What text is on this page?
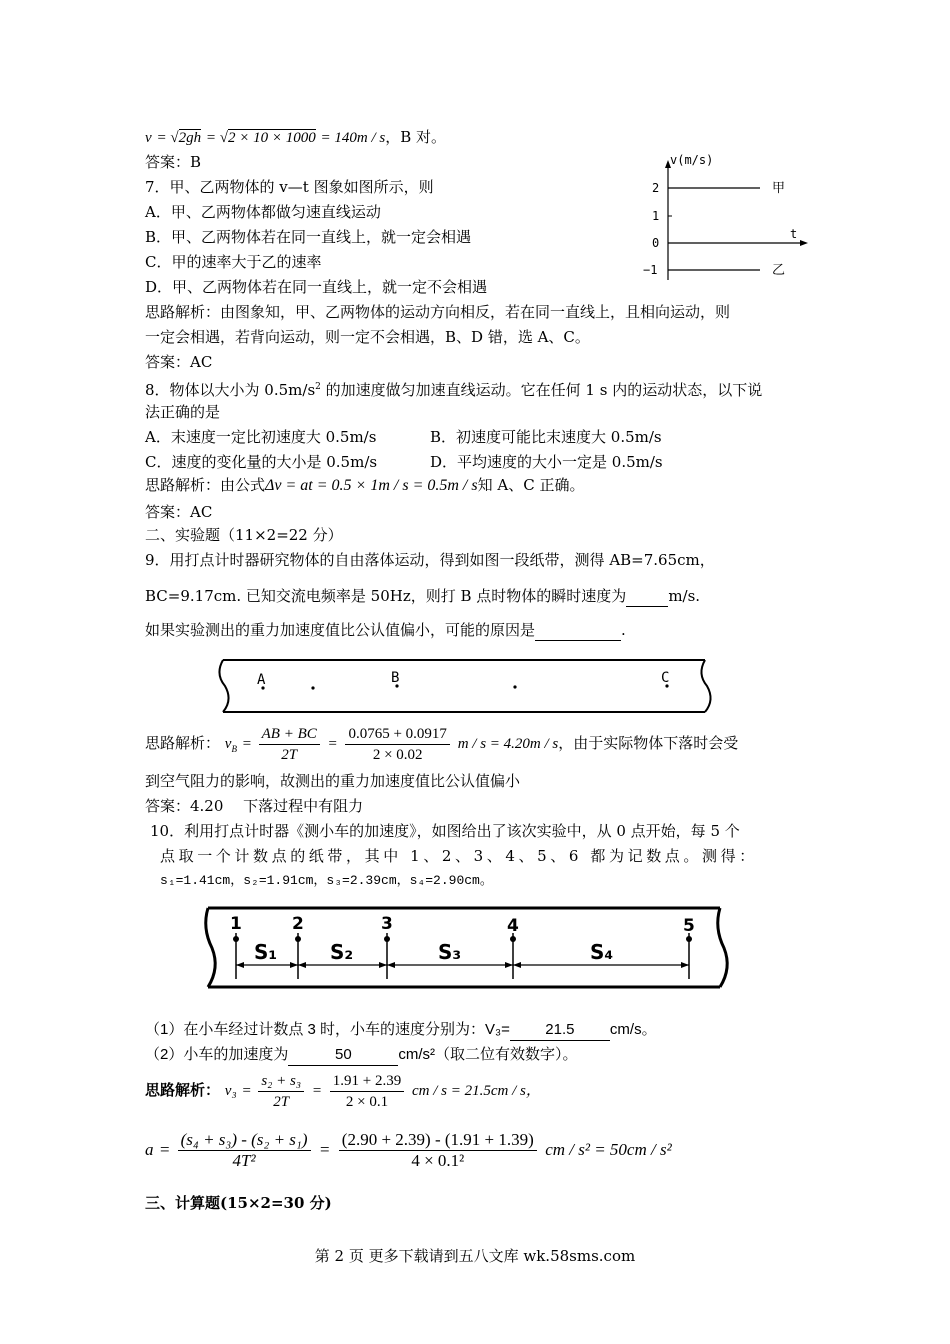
v = √2gh = √2 × 10 × 1000 = 140m / s，B 对。
答案：B
7．甲、乙两物体的 v—t 图象如图所示，则
A．甲、乙两物体都做匀速直线运动
B．甲、乙两物体若在同一直线上，就一定会相遇
C．甲的速率大于乙的速率
D．甲、乙两物体若在同一直线上，就一定不会相遇
v(m/s)
t
2
1
0
−1
甲
乙
思路解析：由图象知，甲、乙两物体的运动方向相反，若在同一直线上，且相向运动，则
一定会相遇，若背向运动，则一定不会相遇，B、D 错，选 A、C。
答案：AC
8．物体以大小为 $0.5m/s^2$ 的加速度做匀加速直线运动。它在任何 1 s 内的运动状态，以下说
法正确的是
A．末速度一定比初速度大 0.5m/s	B．初速度可能比末速度大 0.5m/s
C．速度的变化量的大小是 0.5m/s	D．平均速度的大小一定是 0.5m/s
思路解析：由公式Δv = at = 0.5 × 1m / s = 0.5m / s知 A、C 正确。
答案：AC
二、实验题（11×2=22 分）
9．用打点计时器研究物体的自由落体运动，得到如图一段纸带，测得 AB=7.65cm，
BC=9.17cm. 已知交流电频率是 50Hz，则打 B 点时物体的瞬时速度为	m/s.
如果实验测出的重力加速度值比公认值偏小，可能的原因是	.
A	B	C
思路解析： $v_B = \frac{AB + BC}{2T} = \frac{0.0765 + 0.0917}{2 \times 0.02}$ m / s = 4.20m / s，由于实际物体下落时会受
到空气阻力的影响，故测出的重力加速度值比公认值偏小
答案：4.20　 下落过程中有阻力
10．利用打点计时器《测小车的加速度》，如图给出了该次实验中，从 0 点开始，每 5 个
点取一个计数点的纸带，其中 1、2、3、4、5、6 都为记数点。测得：
s₁=1.41cm，s₂=1.91cm，s₃=2.39cm，s₄=2.90cm。
1	2	3	4	5
S₁	S₂	S₃	S₄
（1）在小车经过计数点 3 时，小车的速度分别为：V₃= 21.5 cm/s。
（2）小车的加速度为	50	cm/s²（取二位有效数字）。
思路解析： $v_3 = \frac{\text{s₂ + s₃}}{2T} = \frac{1.91 + 2.39}{2 \times 0.1}$ cm / s = 21.5cm / s，
$a = \frac{\text{(s₄ + s₃) - (s₂ + s₁)}}{\text{4T²}} = \frac{(2.90 + 2.39) - (1.91 + 1.39)}{\text{4 × 0.1²}}$ cm / s² = 50cm / s²
三、计算题(15×2=30 分)
第 2 页 更多下载请到五八文库 wk.58sms.com
